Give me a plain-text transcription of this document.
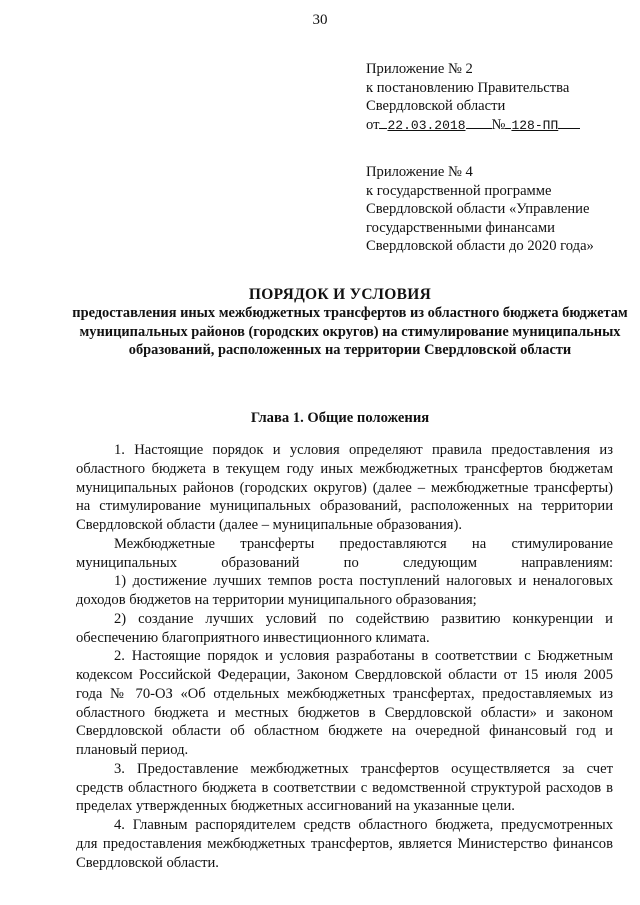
30
Приложение № 2
к постановлению Правительства
Свердловской области
от 22.03.2018 № 128-ПП
Приложение № 4
к государственной программе
Свердловской области «Управление
государственными финансами
Свердловской области до 2020 года»
ПОРЯДОК И УСЛОВИЯ
предоставления иных межбюджетных трансфертов из областного бюджета бюджетам муниципальных районов (городских округов) на стимулирование муниципальных образований, расположенных на территории Свердловской области
Глава 1. Общие положения

1. Настоящие порядок и условия определяют правила предоставления из областного бюджета в текущем году иных межбюджетных трансфертов бюджетам муниципальных районов (городских округов) (далее – межбюджетные трансферты) на стимулирование муниципальных образований, расположенных на территории Свердловской области (далее – муниципальные образования).

Межбюджетные трансферты предоставляются на стимулирование муниципальных образований по следующим направлениям:

1) достижение лучших темпов роста поступлений налоговых и неналоговых доходов бюджетов на территории муниципального образования;

2) создание лучших условий по содействию развитию конкуренции и обеспечению благоприятного инвестиционного климата.

2. Настоящие порядок и условия разработаны в соответствии с Бюджетным кодексом Российской Федерации, Законом Свердловской области от 15 июля 2005 года № 70-ОЗ «Об отдельных межбюджетных трансфертах, предоставляемых из областного бюджета и местных бюджетов в Свердловской области» и законом Свердловской области об областном бюджете на очередной финансовый год и плановый период.

3. Предоставление межбюджетных трансфертов осуществляется за счет средств областного бюджета в соответствии с ведомственной структурой расходов в пределах утвержденных бюджетных ассигнований на указанные цели.

4. Главным распорядителем средств областного бюджета, предусмотренных для предоставления межбюджетных трансфертов, является Министерство финансов Свердловской области.
